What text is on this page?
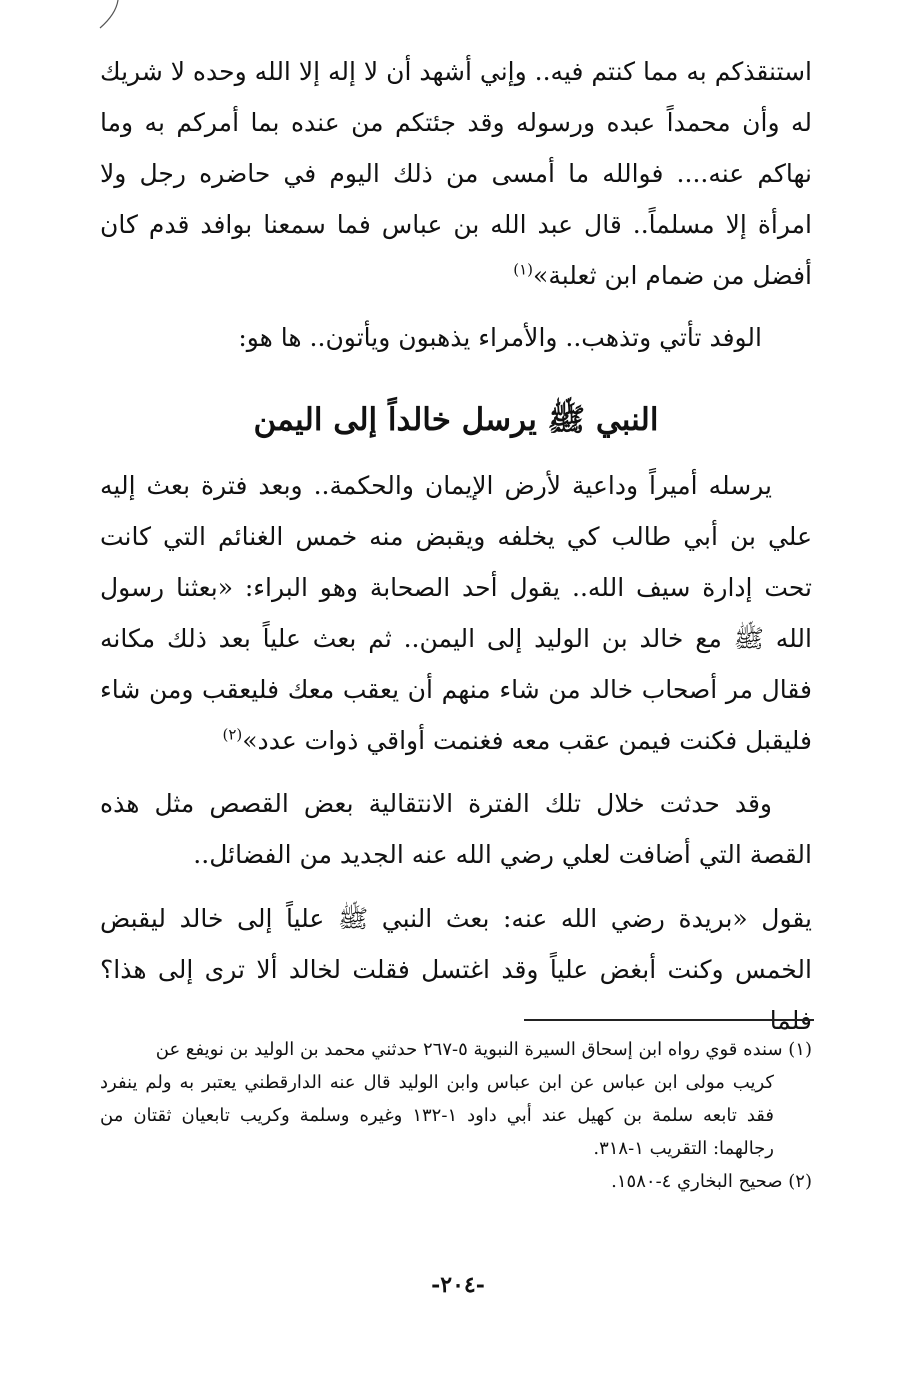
استنقذكم به مما كنتم فيه.. وإني أشهد أن لا إله إلا الله وحده لا شريك له وأن محمداً عبده ورسوله وقد جئتكم من عنده بما أمركم به وما نهاكم عنه.... فوالله ما أمسى من ذلك اليوم في حاضره رجل ولا امرأة إلا مسلماً.. قال عبد الله بن عباس فما سمعنا بوافد قدم كان أفضل من ضمام ابن ثعلبة»$^{(١)}$

الوفد تأتي وتذهب.. والأمراء يذهبون ويأتون.. ها هو:

النبي ﷺ يرسل خالداً إلى اليمن

يرسله أميراً وداعية لأرض الإيمان والحكمة.. وبعد فترة بعث إليه علي بن أبي طالب كي يخلفه ويقبض منه خمس الغنائم التي كانت تحت إدارة سيف الله.. يقول أحد الصحابة وهو البراء: «بعثنا رسول الله ﷺ مع خالد بن الوليد إلى اليمن.. ثم بعث علياً بعد ذلك مكانه فقال مر أصحاب خالد من شاء منهم أن يعقب معك فليعقب ومن شاء فليقبل فكنت فيمن عقب معه فغنمت أواقي ذوات عدد»$^{(٢)}$

وقد حدثت خلال تلك الفترة الانتقالية بعض القصص مثل هذه القصة التي أضافت لعلي رضي الله عنه الجديد من الفضائل..

يقول «بريدة رضي الله عنه: بعث النبي ﷺ علياً إلى خالد ليقبض الخمس وكنت أبغض علياً وقد اغتسل فقلت لخالد ألا ترى إلى هذا؟ فلما

(١) سنده قوي رواه ابن إسحاق السيرة النبوية ٥-٢٦٧ حدثني محمد بن الوليد بن نويفع عن

كريب مولى ابن عباس عن ابن عباس وابن الوليد قال عنه الدارقطني يعتبر به ولم ينفرد فقد تابعه سلمة بن كهيل عند أبي داود ١-١٣٢ وغيره وسلمة وكريب تابعيان ثقتان من رجالهما: التقريب ١-٣١٨.

(٢) صحيح البخاري ٤-١٥٨٠.

-٢٠٤-
